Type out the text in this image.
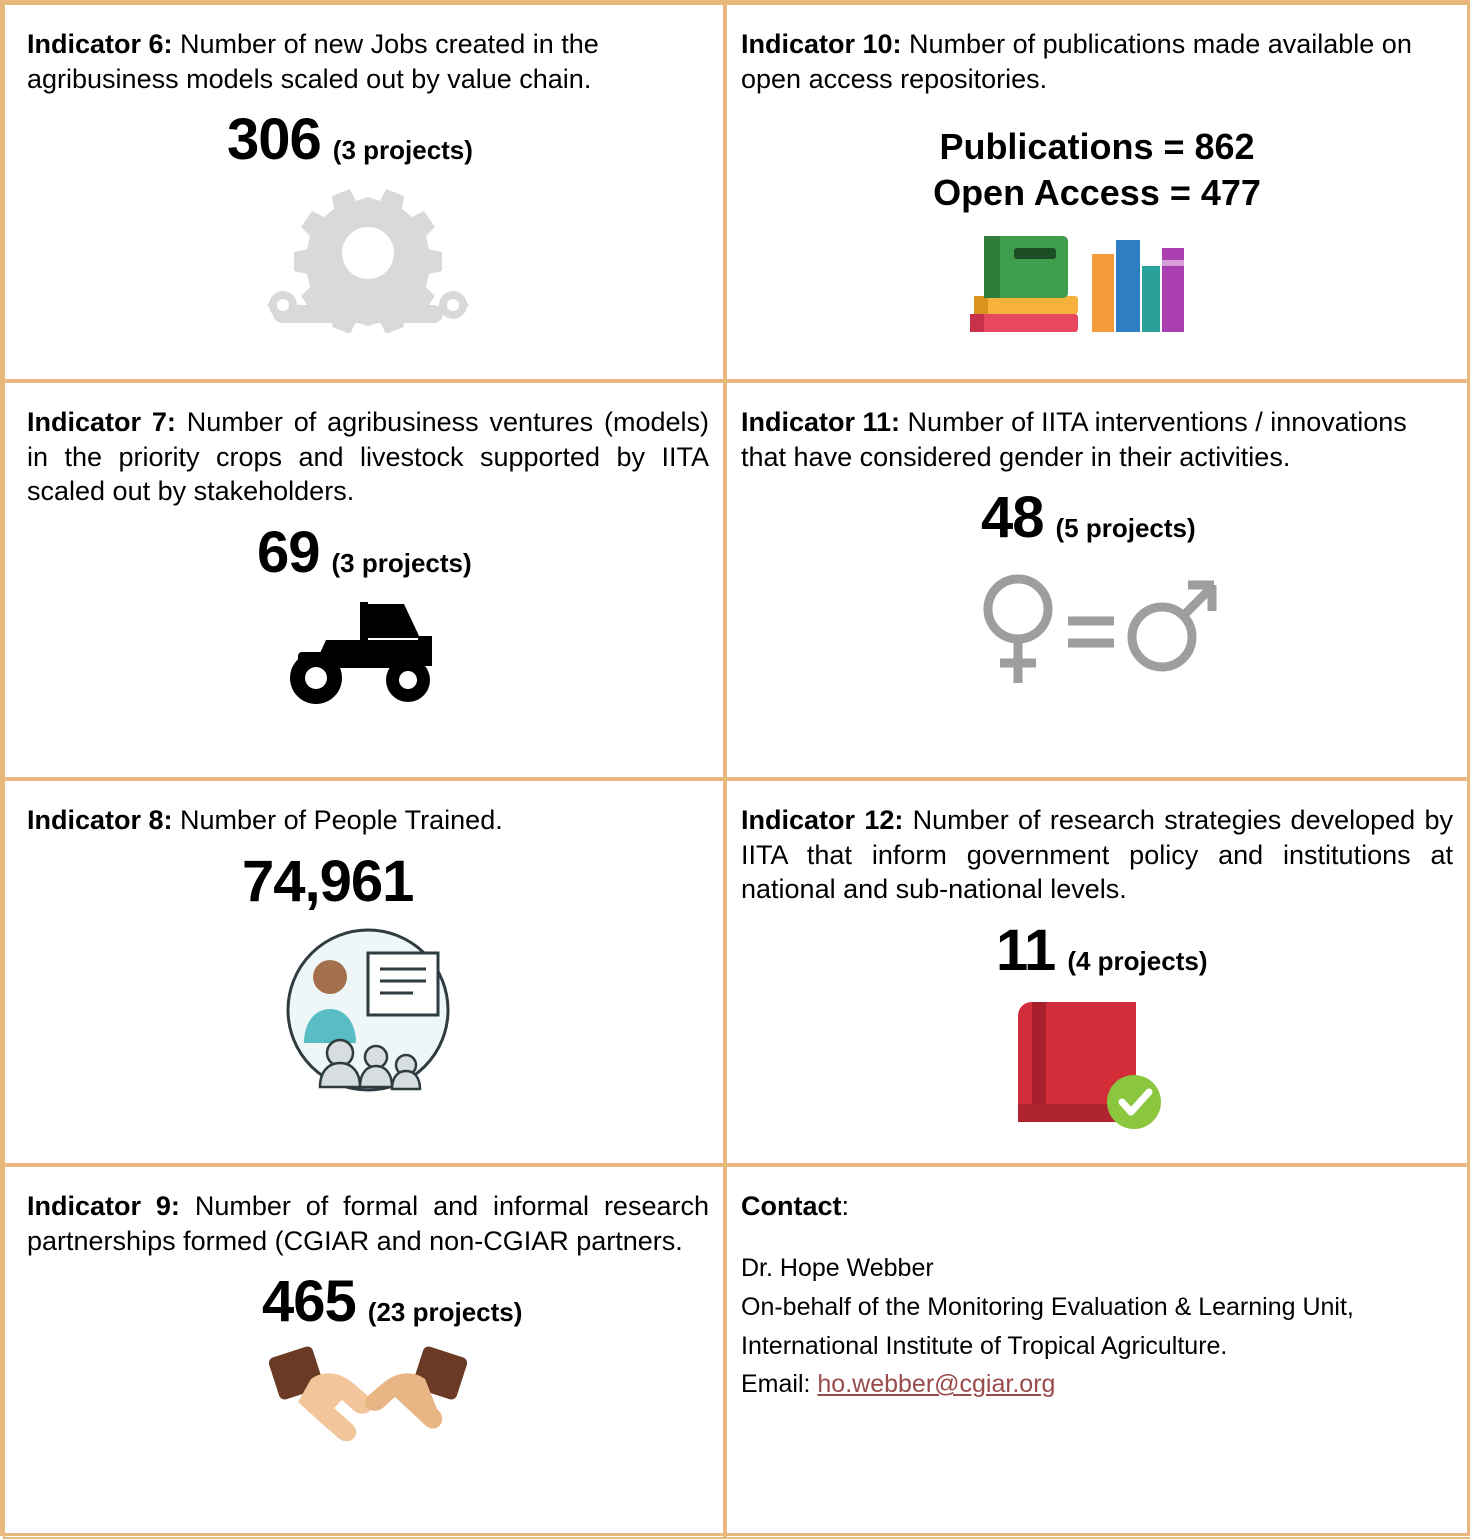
Indicator 6: Number of new Jobs created in the agribusiness models scaled out by value chain.

306 (3 projects)

Indicator 10: Number of publications made available on open access repositories.

Publications = 862
Open Access = 477

Indicator 7: Number of agribusiness ventures (models) in the priority crops and livestock supported by IITA scaled out by stakeholders.

69 (3 projects)

Indicator 11: Number of IITA interventions / innovations that have considered gender in their activities.

48 (5 projects)

Indicator 8: Number of People Trained.

74,961

Indicator 12: Number of research strategies developed by IITA that inform government policy and institutions at national and sub-national levels.

11 (4 projects)

Indicator 9: Number of formal and informal research partnerships formed (CGIAR and non-CGIAR partners.

465 (23 projects)

Contact:

Dr. Hope Webber
On-behalf of the Monitoring Evaluation & Learning Unit,
International Institute of Tropical Agriculture.
Email: ho.webber@cgiar.org
